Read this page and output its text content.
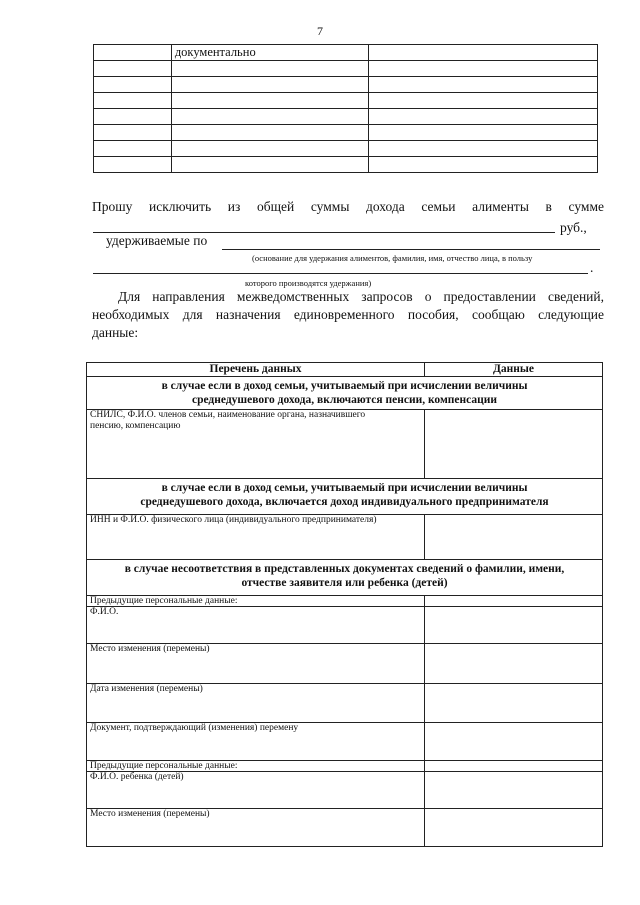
7
	документально	

Прошу исключить из общей суммы дохода семьи алименты в сумме
руб.,
удерживаемые по
(основание для удержания алиментов, фамилия, имя, отчество лица, в пользу
.
которого производятся удержания)
Для направления межведомственных запросов о предоставлении сведений,
необходимых для назначения единовременного пособия, сообщаю следующие
данные:
Перечень данных	Данные

в случае если в доход семьи, учитываемый при исчислении величины
среднедушевого дохода, включаются пенсии, компенсации	

СНИЛС, Ф.И.О. членов семьи, наименование органа, назначившего
пенсию, компенсацию	

в случае если в доход семьи, учитываемый при исчислении величины
среднедушевого дохода, включается доход индивидуального предпринимателя	

ИНН и Ф.И.О. физического лица (индивидуального предпринимателя)	

в случае несоответствия в представленных документах сведений о фамилии, имени,
отчестве заявителя или ребенка (детей)	

Предыдущие персональные данные:	
Ф.И.О.	
Место изменения (перемены)	
Дата изменения (перемены)	
Документ, подтверждающий (изменения) перемену	
Предыдущие персональные данные:	
Ф.И.О. ребенка (детей)	
Место изменения (перемены)	
